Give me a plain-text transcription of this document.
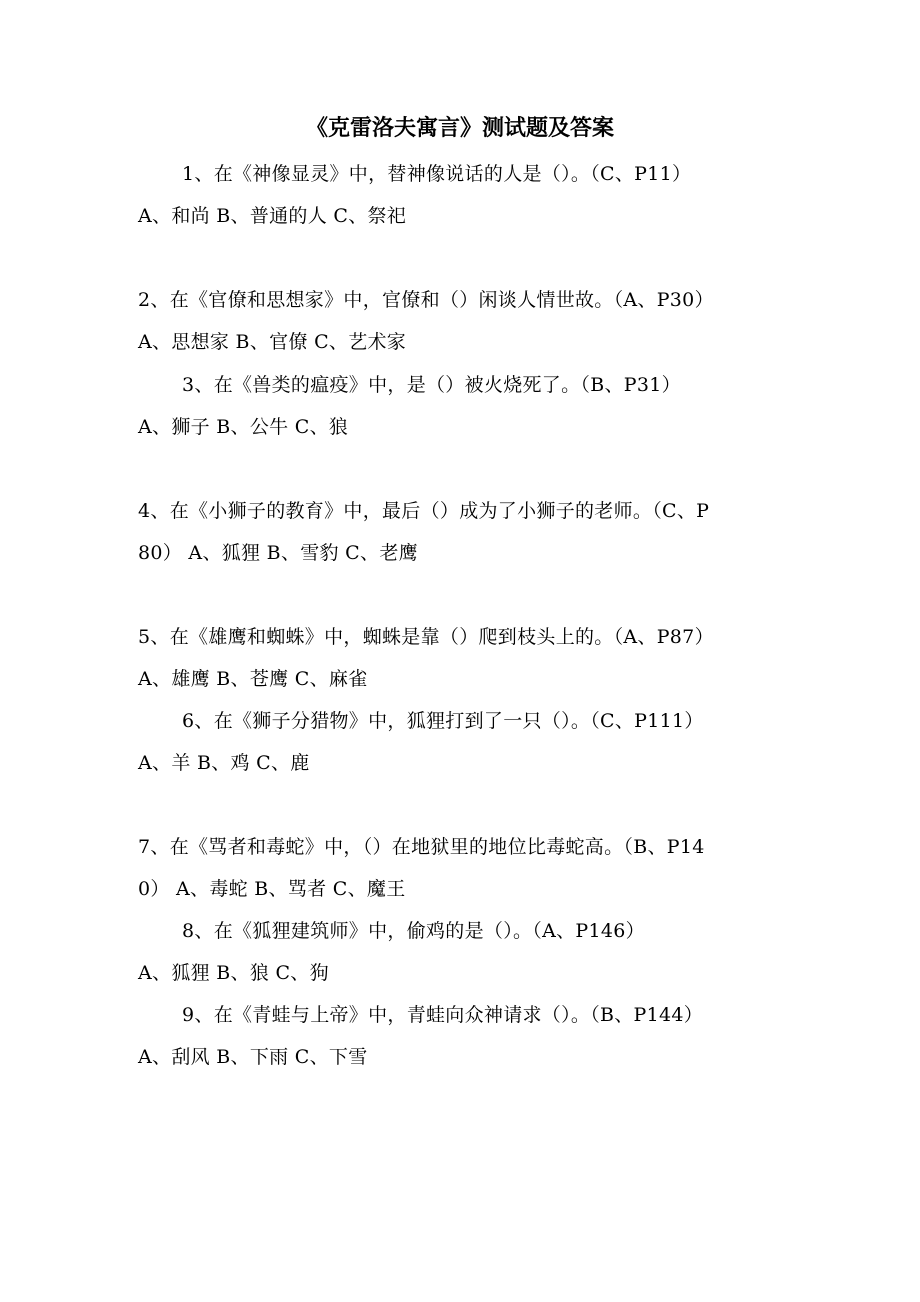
《克雷洛夫寓言》测试题及答案
1、在《神像显灵》中，替神像说话的人是（）。（C、P11）
A、和尚 B、普通的人 C、祭祀
2、在《官僚和思想家》中，官僚和（）闲谈人情世故。（A、P30）
A、思想家 B、官僚 C、艺术家
3、在《兽类的瘟疫》中，是（）被火烧死了。（B、P31）
A、狮子 B、公牛 C、狼
4、在《小狮子的教育》中，最后（）成为了小狮子的老师。（C、P
80） A、狐狸 B、雪豹 C、老鹰
5、在《雄鹰和蜘蛛》中，蜘蛛是靠（）爬到枝头上的。（A、P87）
A、雄鹰 B、苍鹰 C、麻雀
6、在《狮子分猎物》中，狐狸打到了一只（）。（C、P111）
A、羊 B、鸡 C、鹿
7、在《骂者和毒蛇》中，（）在地狱里的地位比毒蛇高。（B、P14
0） A、毒蛇 B、骂者 C、魔王
8、在《狐狸建筑师》中，偷鸡的是（）。（A、P146）
A、狐狸 B、狼 C、狗
9、在《青蛙与上帝》中，青蛙向众神请求（）。（B、P144）
A、刮风 B、下雨 C、下雪
